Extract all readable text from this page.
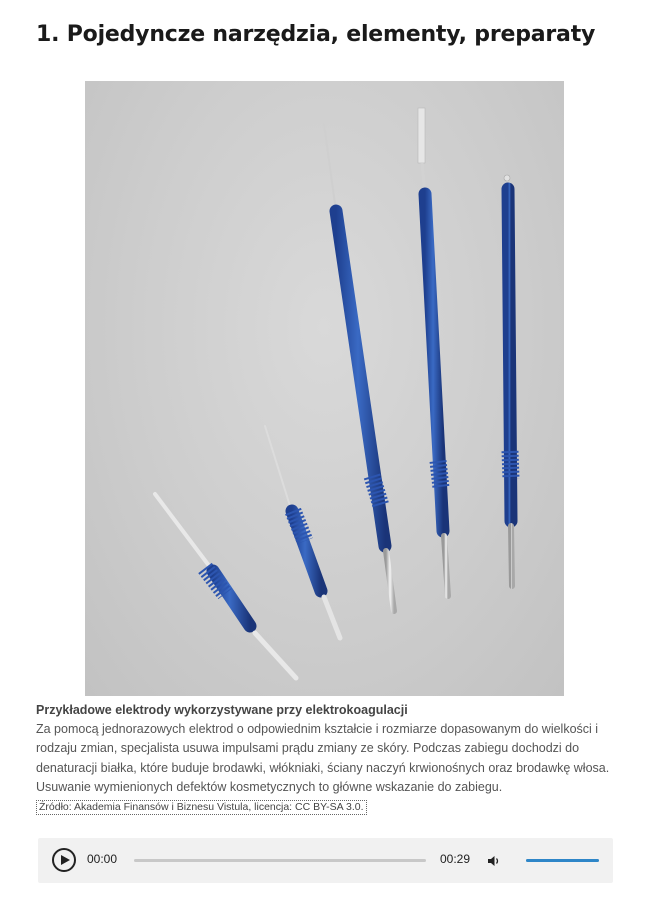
1. Pojedyncze narzędzia, elementy, preparaty
Przykładowe elektrody wykorzystywane przy elektrokoagulacji
Za pomocą jednorazowych elektrod o odpowiednim kształcie i rozmiarze dopasowanym do wielkości i rodzaju zmian, specjalista usuwa impulsami prądu zmiany ze skóry. Podczas zabiegu dochodzi do denaturacji białka, które buduje brodawki, włókniaki, ściany naczyń krwionośnych oraz brodawkę włosa. Usuwanie wymienionych defektów kosmetycznych to główne wskazanie do zabiegu.
Źródło: Akademia Finansów i Biznesu Vistula, licencja: CC BY-SA 3.0.
00:00	00:29
